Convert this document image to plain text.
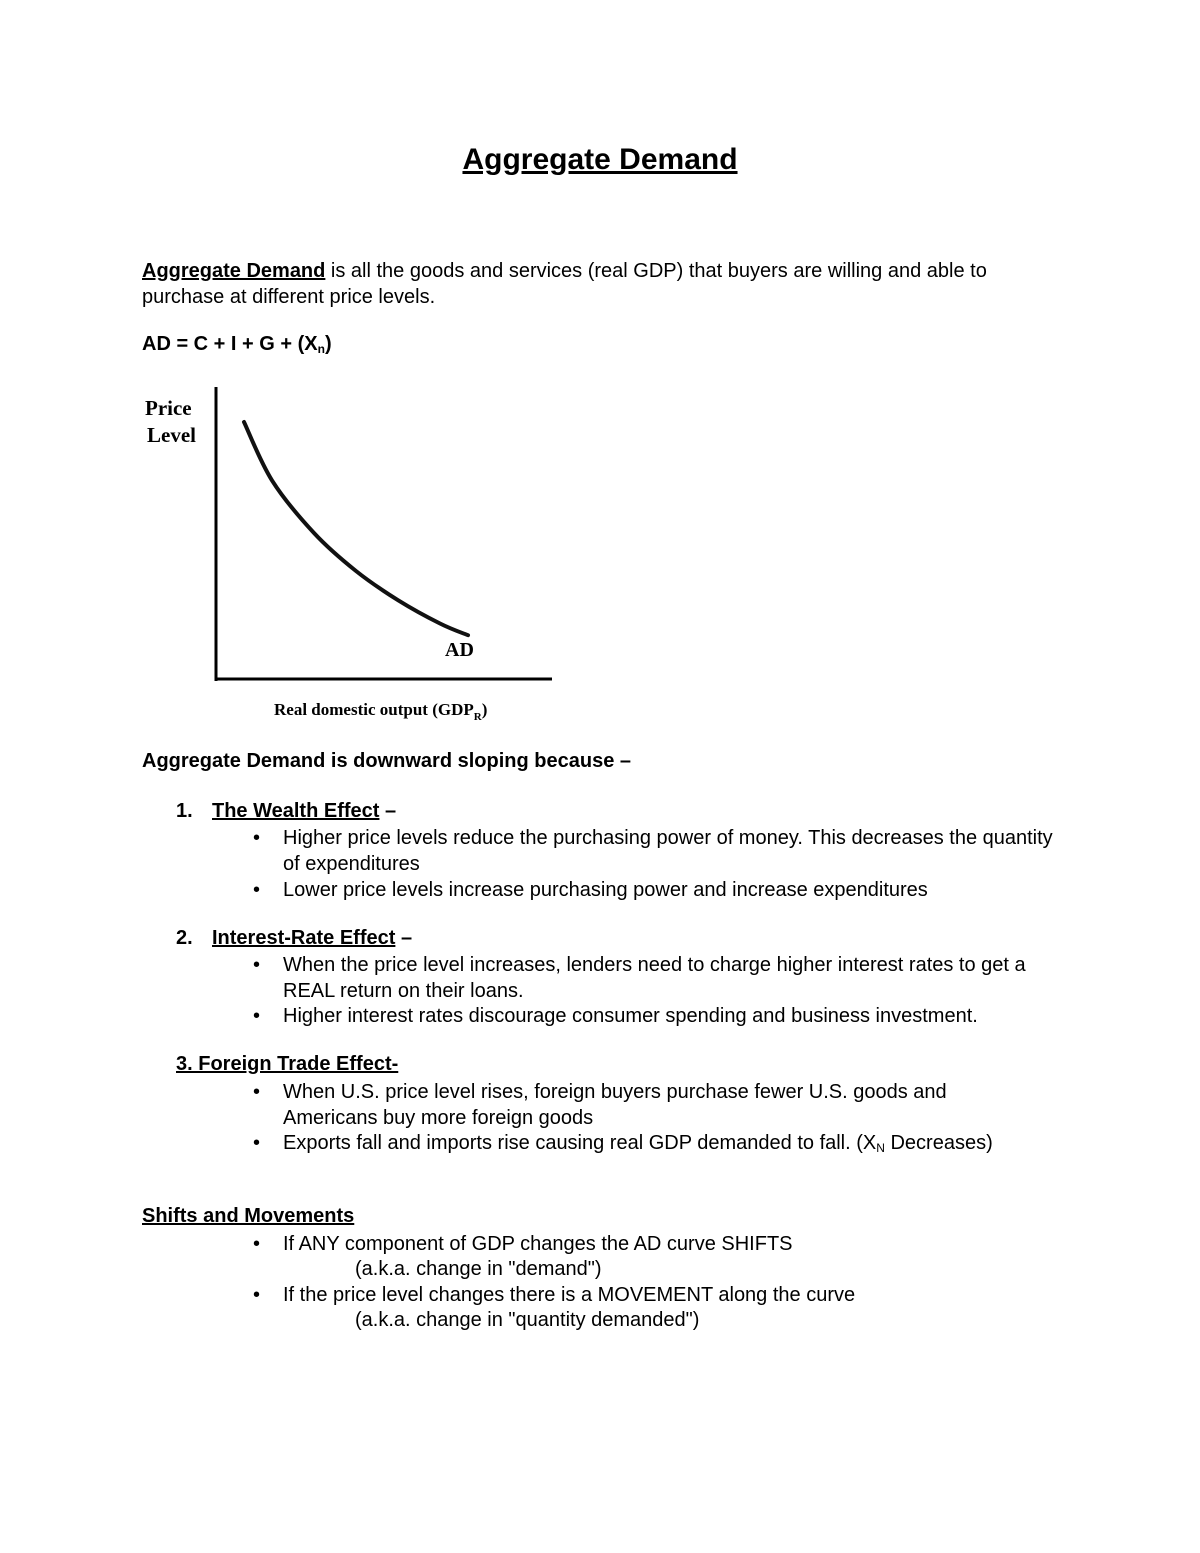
Aggregate Demand
Aggregate Demand is all the goods and services (real GDP) that buyers are willing and able to purchase at different price levels.
AD = $C + I + G + (X_n)$
Price
Level
AD
Real domestic output $(GDP_R)$
Aggregate Demand is downward sloping because –
1. The Wealth Effect –
• Higher price levels reduce the purchasing power of money. This decreases the quantity of expenditures
• Lower price levels increase purchasing power and increase expenditures
2. Interest-Rate Effect –
• When the price level increases, lenders need to charge higher interest rates to get a REAL return on their loans.
• Higher interest rates discourage consumer spending and business investment.
3. Foreign Trade Effect-
• When U.S. price level rises, foreign buyers purchase fewer U.S. goods and Americans buy more foreign goods
• Exports fall and imports rise causing real GDP demanded to fall. ($X_N$ Decreases)
Shifts and Movements
• If ANY component of GDP changes the AD curve SHIFTS
(a.k.a. change in "demand")
• If the price level changes there is a MOVEMENT along the curve
(a.k.a. change in "quantity demanded")
